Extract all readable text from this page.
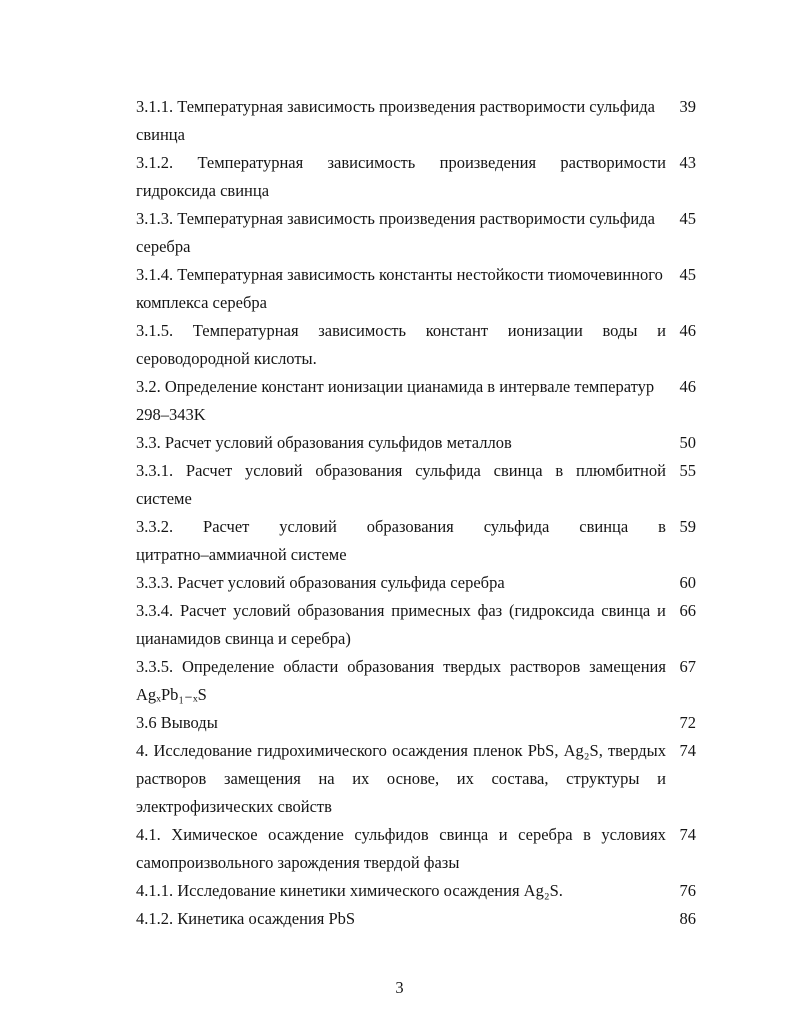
3.1.1. Температурная зависимость произведения растворимости сульфида 39
свинца
3.1.2. Температурная зависимость произведения растворимости 43
гидроксида свинца
3.1.3. Температурная зависимость произведения растворимости сульфида 45
серебра
3.1.4. Температурная зависимость константы нестойкости тиомочевинного 45
комплекса серебра
3.1.5. Температурная зависимость констант ионизации воды и 46
сероводородной кислоты.
3.2. Определение констант ионизации цианамида в интервале температур 46
298–343K
3.3. Расчет условий образования сульфидов металлов	50
3.3.1. Расчет условий образования сульфида свинца в плюмбитной 55
системе
3.3.2. Расчет условий образования сульфида свинца в 59
цитратно–аммиачной системе
3.3.3. Расчет условий образования сульфида серебра	60
3.3.4. Расчет условий образования примесных фаз (гидроксида свинца и 66
цианамидов свинца и серебра)
3.3.5. Определение области образования твердых растворов замещения 67
AgₓPb₁₋ₓS
3.6 Выводы	72
4. Исследование гидрохимического осаждения пленок PbS, Ag₂S, твердых 74
растворов замещения на их основе, их состава, структуры и
электрофизических свойств
4.1. Химическое осаждение сульфидов свинца и серебра в условиях 74
самопроизвольного зарождения твердой фазы
4.1.1. Исследование кинетики химического осаждения Ag₂S.	76
4.1.2. Кинетика осаждения PbS	86
3
